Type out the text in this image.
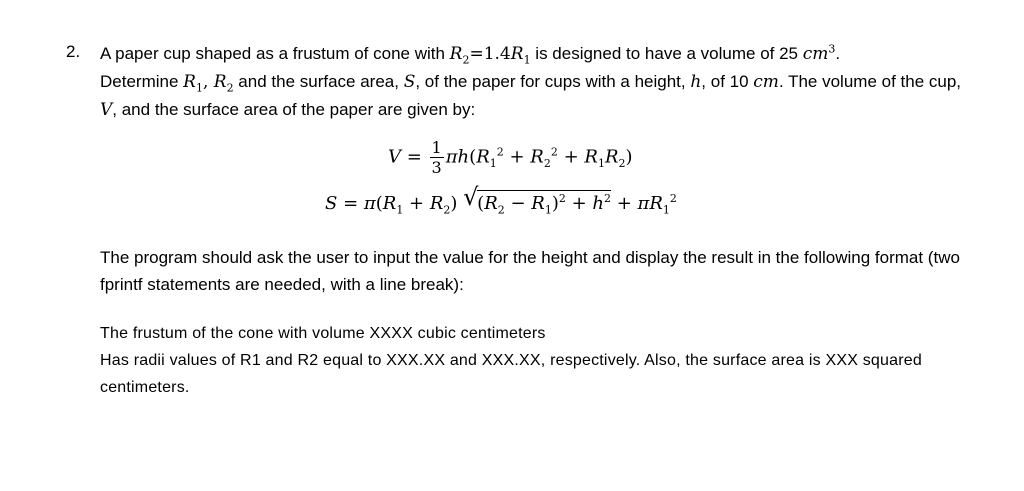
2. A paper cup shaped as a frustum of cone with $R_2=1.4R_1$ is designed to have a volume of 25 $cm^3$.
Determine $R_1$, $R_2$ and the surface area, S, of the paper for cups with a height, h, of 10 cm. The volume of the cup, V, and the surface area of the paper are given by:
$V = \frac{1}{3} \pi h(R_1^2 + R_2^2 + R_1R_2)$
$S = \pi(R_1 + R_2)$ √
$(R_2 - R_1)^2 + h^2 + \pi R_1^2$
The program should ask the user to input the value for the height and display the result in the following format (two fprintf statements are needed, with a line break):
The frustum of the cone with volume XXXX cubic centimeters
Has radii values of R1 and R2 equal to XXX.XX and XXX.XX, respectively. Also, the surface area is XXX squared centimeters.
